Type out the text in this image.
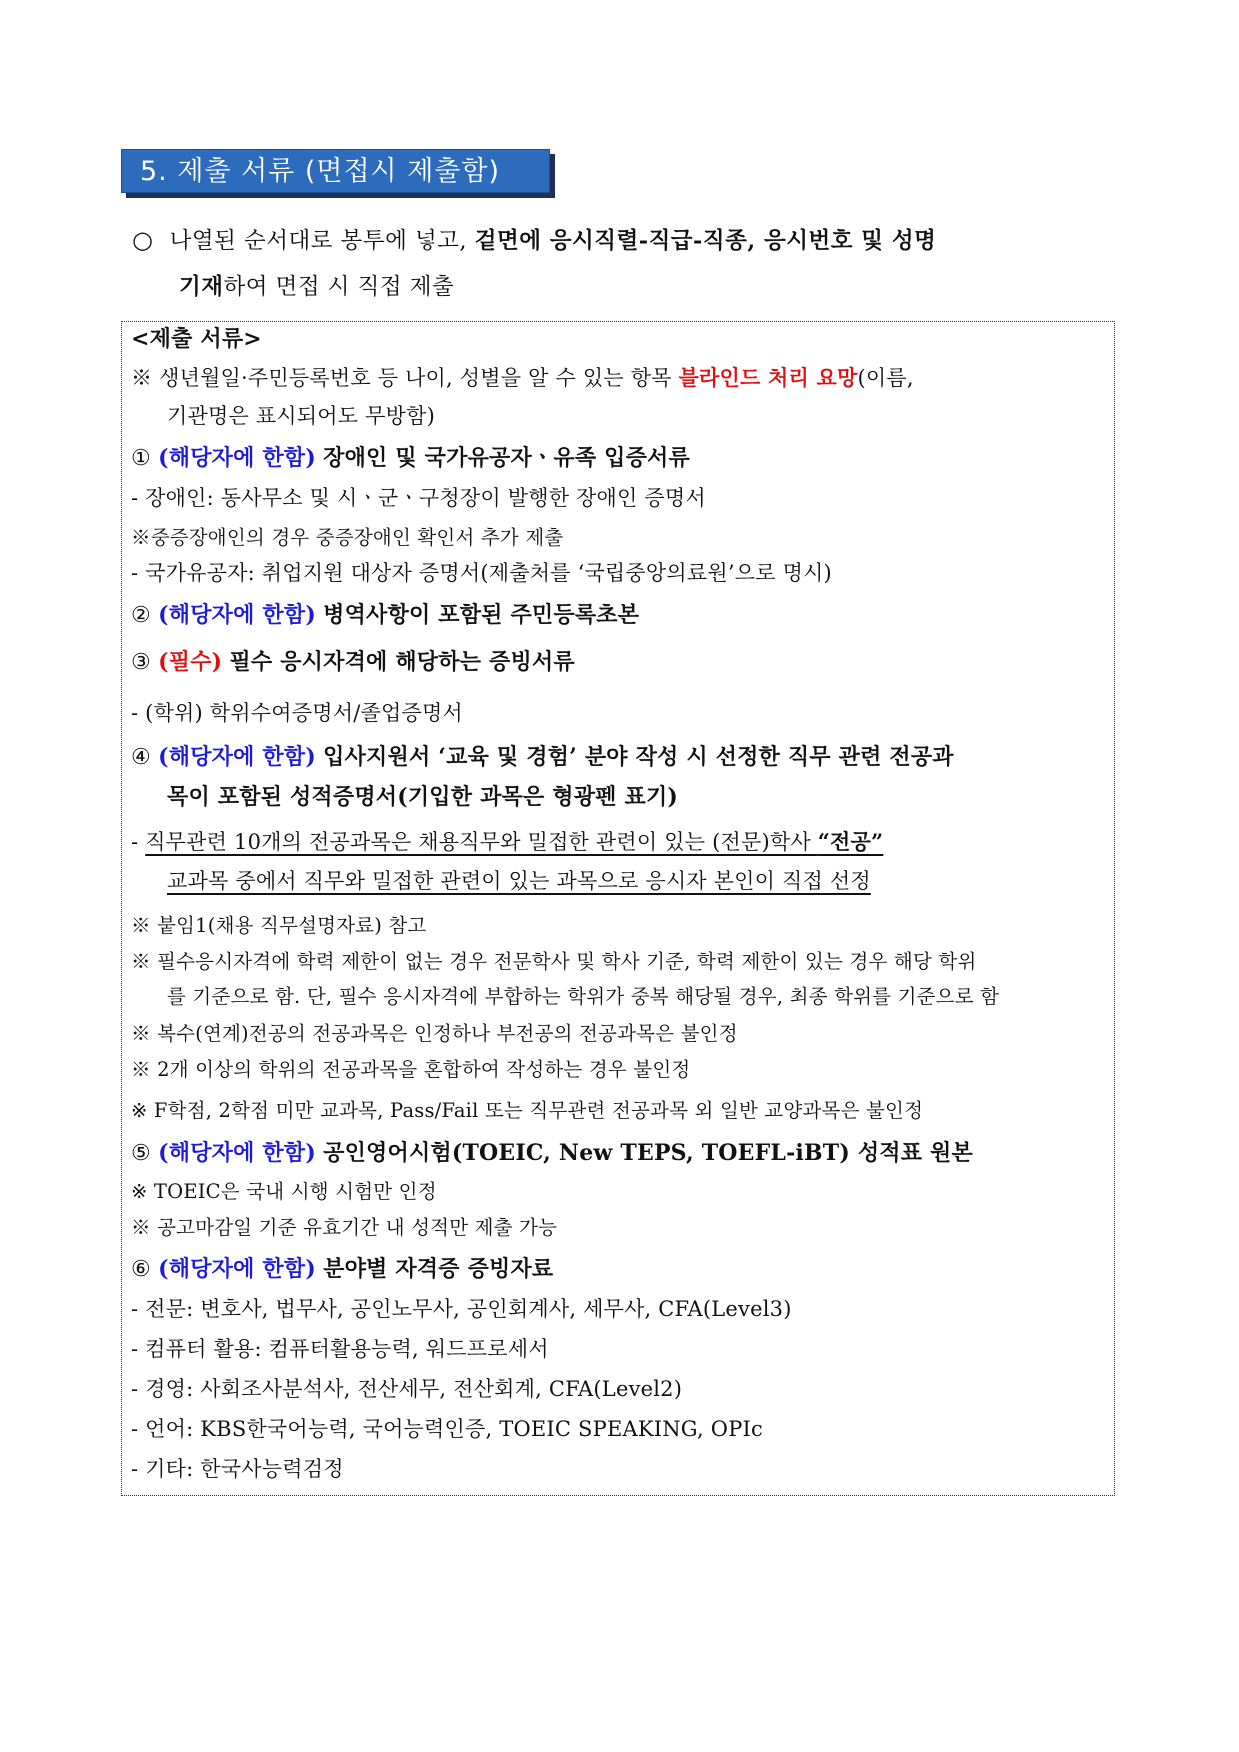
5. 제출 서류 (면접시 제출함)
○ 나열된 순서대로 봉투에 넣고, 겉면에 응시직렬-직급-직종, 응시번호 및 성명
기재하여 면접 시 직접 제출
<제출 서류>
※ 생년월일·주민등록번호 등 나이, 성별을 알 수 있는 항목 블라인드 처리 요망(이름,
기관명은 표시되어도 무방함)
① (해당자에 한함) 장애인 및 국가유공자ㆍ유족 입증서류
- 장애인: 동사무소 및 시ㆍ군ㆍ구청장이 발행한 장애인 증명서
※중증장애인의 경우 중증장애인 확인서 추가 제출
- 국가유공자: 취업지원 대상자 증명서(제출처를 ‘국립중앙의료원’으로 명시)
② (해당자에 한함) 병역사항이 포함된 주민등록초본
③ (필수) 필수 응시자격에 해당하는 증빙서류
- (학위) 학위수여증명서/졸업증명서
④ (해당자에 한함) 입사지원서 ‘교육 및 경험’ 분야 작성 시 선정한 직무 관련 전공과
목이 포함된 성적증명서(기입한 과목은 형광펜 표기)
- 직무관련 10개의 전공과목은 채용직무와 밀접한 관련이 있는 (전문)학사 “전공”
교과목 중에서 직무와 밀접한 관련이 있는 과목으로 응시자 본인이 직접 선정
※ 붙임1(채용 직무설명자료) 참고
※ 필수응시자격에 학력 제한이 없는 경우 전문학사 및 학사 기준, 학력 제한이 있는 경우 해당 학위
를 기준으로 함. 단, 필수 응시자격에 부합하는 학위가 중복 해당될 경우, 최종 학위를 기준으로 함
※ 복수(연계)전공의 전공과목은 인정하나 부전공의 전공과목은 불인정
※ 2개 이상의 학위의 전공과목을 혼합하여 작성하는 경우 불인정
※ F학점, 2학점 미만 교과목, Pass/Fail 또는 직무관련 전공과목 외 일반 교양과목은 불인정
⑤ (해당자에 한함) 공인영어시험(TOEIC, New TEPS, TOEFL-iBT) 성적표 원본
※ TOEIC은 국내 시행 시험만 인정
※ 공고마감일 기준 유효기간 내 성적만 제출 가능
⑥ (해당자에 한함) 분야별 자격증 증빙자료
- 전문: 변호사, 법무사, 공인노무사, 공인회계사, 세무사, CFA(Level3)
- 컴퓨터 활용: 컴퓨터활용능력, 워드프로세서
- 경영: 사회조사분석사, 전산세무, 전산회계, CFA(Level2)
- 언어: KBS한국어능력, 국어능력인증, TOEIC SPEAKING, OPIc
- 기타: 한국사능력검정
